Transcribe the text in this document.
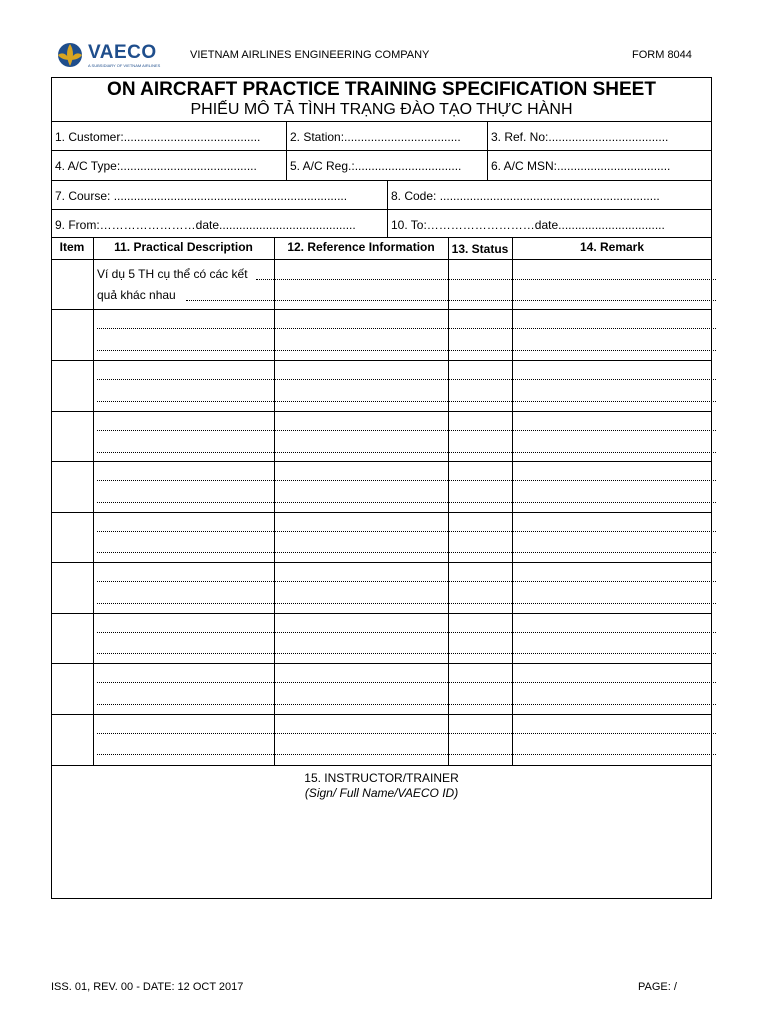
VAECO
A SUBSIDIARY OF VIETNAM AIRLINES
VIETNAM AIRLINES ENGINEERING COMPANY	FORM 8044
ON AIRCRAFT PRACTICE TRAINING SPECIFICATION SHEET
PHIẾU MÔ TẢ TÌNH TRẠNG ĐÀO TẠO THỰC HÀNH
1. Customer:.........................................	2. Station:...................................	3. Ref. No:....................................
4. A/C Type:.........................................	5. A/C Reg.:................................	6. A/C MSN:..................................
7. Course: ......................................................................	8. Code: ..................................................................
9. From:……………………date.........................................	10. To:………………………date................................
Item	11. Practical Description	12. Reference Information	13. Status	14. Remark
Ví dụ 5 TH cụ thể có các kết
quả khác nhau
15. INSTRUCTOR/TRAINER
(Sign/ Full Name/VAECO ID)
ISS. 01, REV. 00 - DATE: 12 OCT 2017	PAGE: /
